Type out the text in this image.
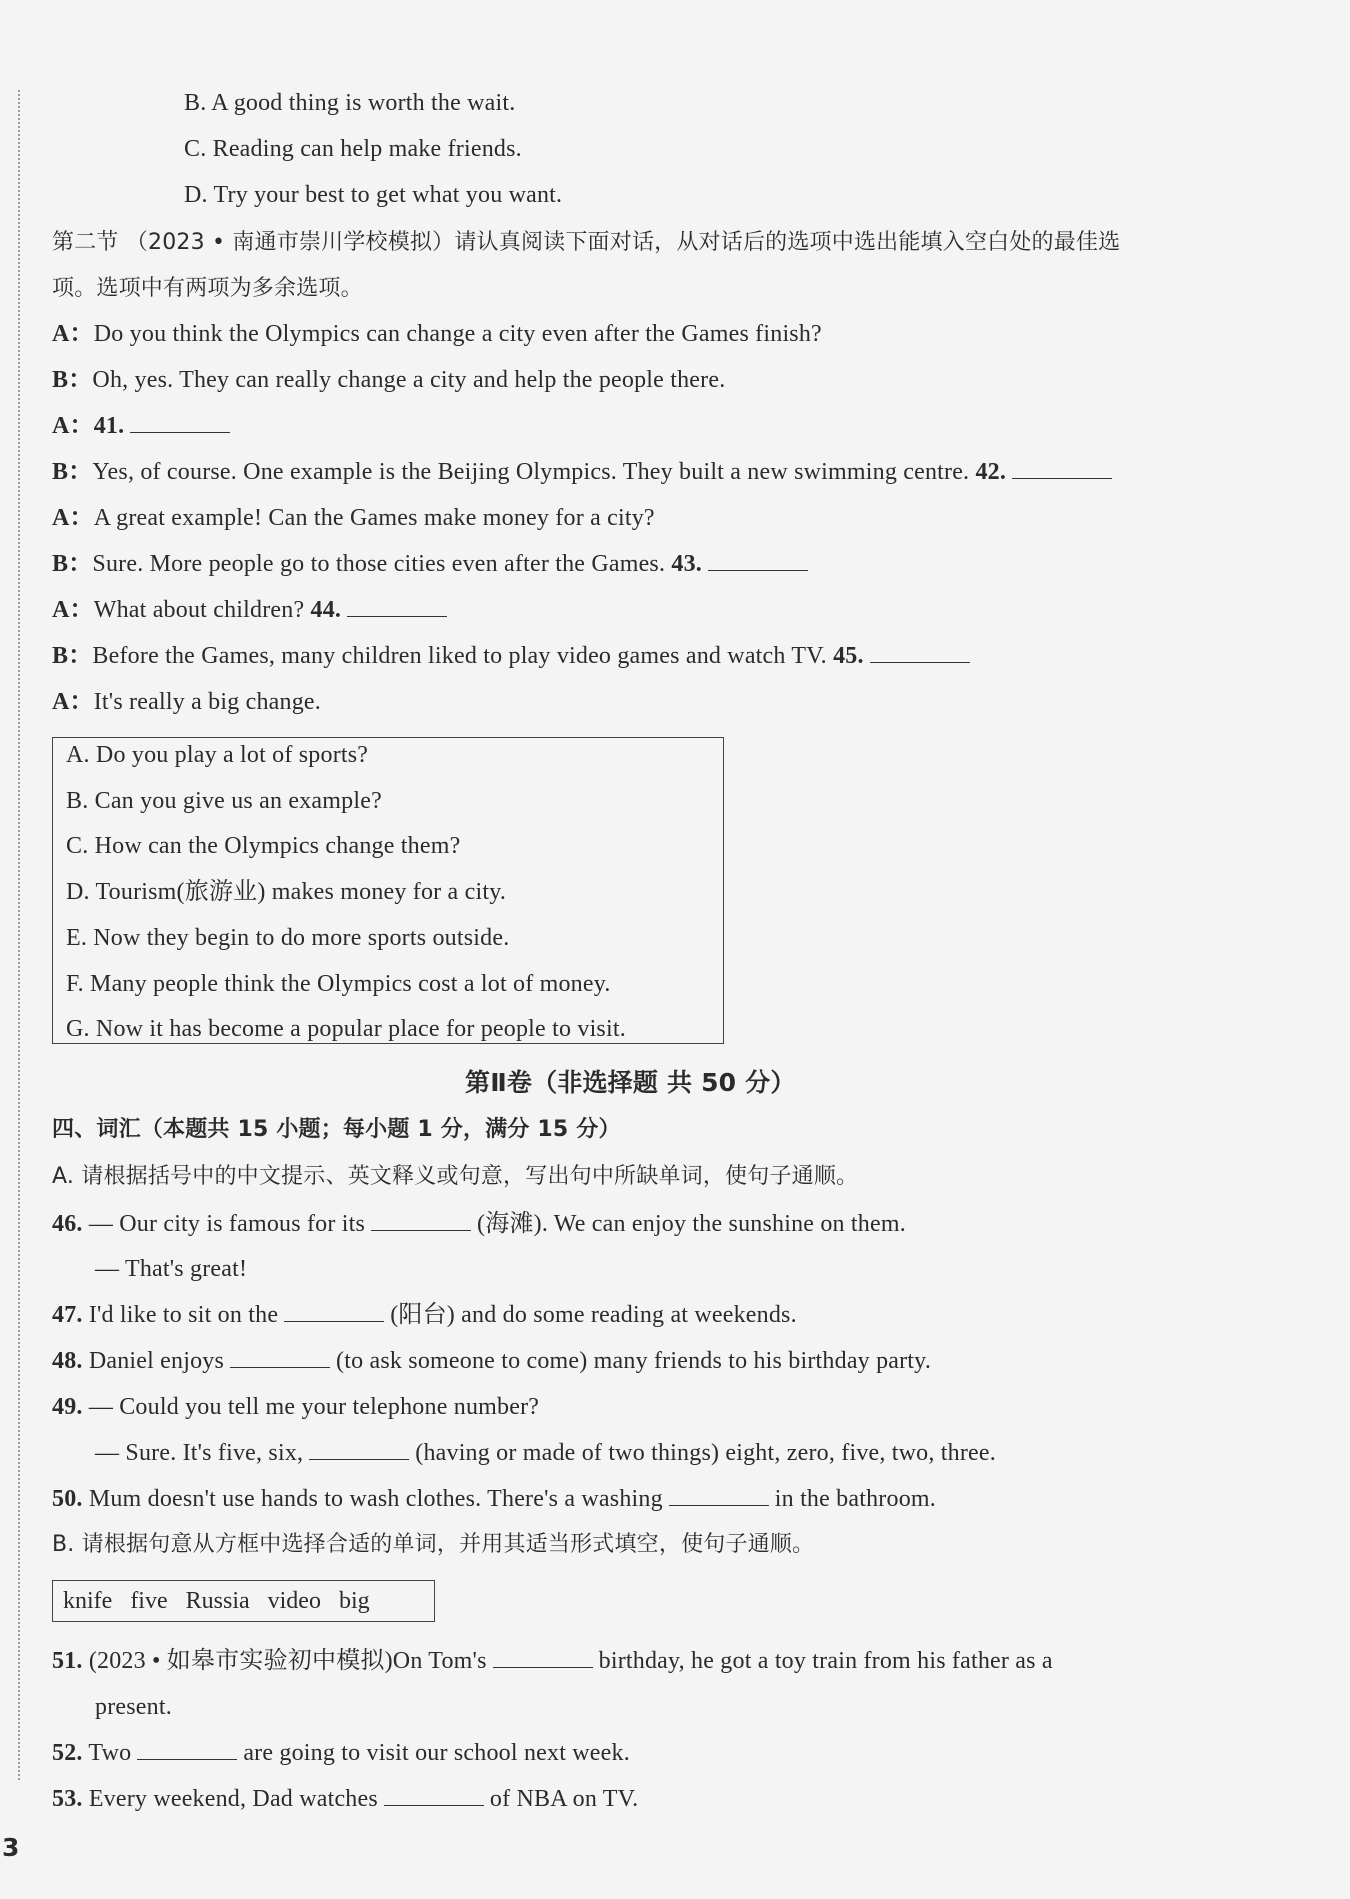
B. A good thing is worth the wait.
C. Reading can help make friends.
D. Try your best to get what you want.
第二节 （2023 • 南通市崇川学校模拟）请认真阅读下面对话，从对话后的选项中选出能填入空白处的最佳选
项。选项中有两项为多余选项。
A：Do you think the Olympics can change a city even after the Games finish?
B：Oh, yes. They can really change a city and help the people there.
A：41.
B：Yes, of course. One example is the Beijing Olympics. They built a new swimming centre. 42.
A：A great example! Can the Games make money for a city?
B：Sure. More people go to those cities even after the Games. 43.
A：What about children? 44.
B：Before the Games, many children liked to play video games and watch TV. 45.
A：It's really a big change.
A. Do you play a lot of sports?
B. Can you give us an example?
C. How can the Olympics change them?
D. Tourism(旅游业) makes money for a city.
E. Now they begin to do more sports outside.
F. Many people think the Olympics cost a lot of money.
G. Now it has become a popular place for people to visit.
第Ⅱ卷（非选择题 共 50 分）
四、词汇（本题共 15 小题；每小题 1 分，满分 15 分）
A. 请根据括号中的中文提示、英文释义或句意，写出句中所缺单词，使句子通顺。
46. — Our city is famous for its	(海滩). We can enjoy the sunshine on them.
— That's great!
47. I'd like to sit on the	(阳台) and do some reading at weekends.
48. Daniel enjoys	(to ask someone to come) many friends to his birthday party.
49. — Could you tell me your telephone number?
— Sure. It's five, six,	(having or made of two things) eight, zero, five, two, three.
50. Mum doesn't use hands to wash clothes. There's a washing	in the bathroom.
B. 请根据句意从方框中选择合适的单词，并用其适当形式填空，使句子通顺。
knife five Russia video big
51. (2023 • 如皋市实验初中模拟)On Tom's	birthday, he got a toy train from his father as a
present.
52. Two	are going to visit our school next week.
53. Every weekend, Dad watches	of NBA on TV.
3
